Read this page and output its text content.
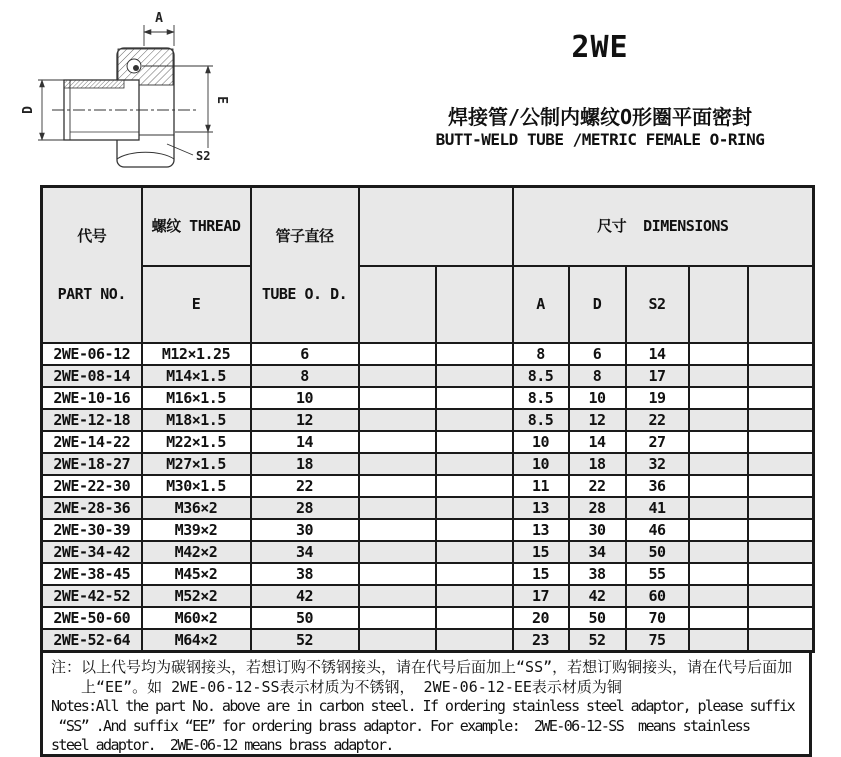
A
D
E
S2
2WE
焊接管/公制内螺纹O形圈平面密封
BUTT-WELD TUBE /METRIC FEMALE O-RING

代号

PART NO.

	螺纹 THREAD	

管子直径

TUBE O. D.

		尺寸  DIMENSIONS
	E				A	D	S2		
2WE-06-12	M12×1.25	6			8	6	14		
2WE-08-14	M14×1.5	8			8.5	8	17		
2WE-10-16	M16×1.5	10			8.5	10	19		
2WE-12-18	M18×1.5	12			8.5	12	22		
2WE-14-22	M22×1.5	14			10	14	27		
2WE-18-27	M27×1.5	18			10	18	32		
2WE-22-30	M30×1.5	22			11	22	36		
2WE-28-36	M36×2	28			13	28	41		
2WE-30-39	M39×2	30			13	30	46		
2WE-34-42	M42×2	34			15	34	50		
2WE-38-45	M45×2	38			15	38	55		
2WE-42-52	M52×2	42			17	42	60		
2WE-50-60	M60×2	50			20	50	70		
2WE-52-64	M64×2	52			23	52	75		
注：以上代号均为碳钢接头，若想订购不锈钢接头，请在代号后面加上“SS”，若想订购铜接头，请在代号后面加
上“EE”。如 2WE-06-12-SS表示材质为不锈钢， 2WE-06-12-EE表示材质为铜
Notes:All the part No. above are in carbon steel. If ordering stainless steel adaptor, please suffix
“SS” .And suffix “EE” for ordering brass adaptor. For example:  2WE-06-12-SS  means stainless
steel adaptor.  2WE-06-12 means brass adaptor.
